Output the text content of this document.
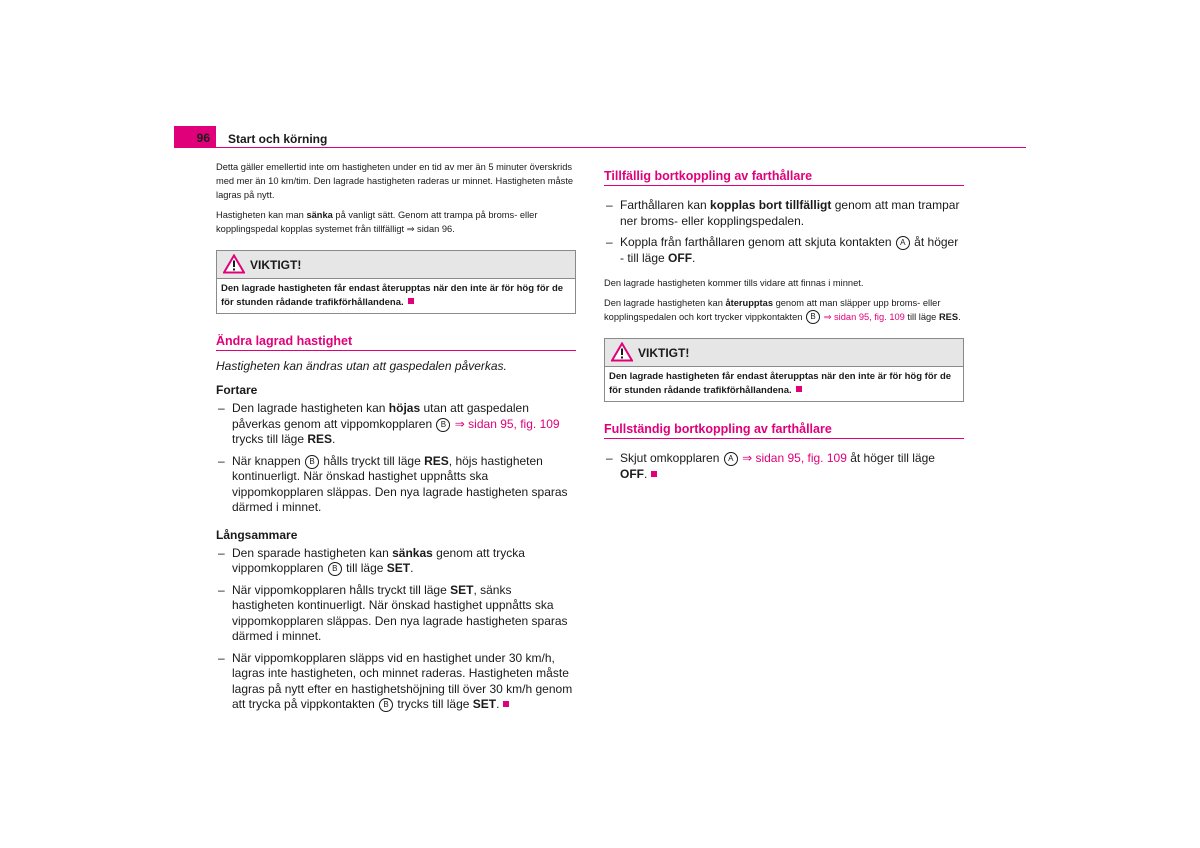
96 Start och körning

Detta gäller emellertid inte om hastigheten under en tid av mer än 5 minuter överskrids med mer än 10 km/tim. Den lagrade hastigheten raderas ur minnet. Hastigheten måste lagras på nytt.

Hastigheten kan man sänka på vanligt sätt. Genom att trampa på broms- eller kopplingspedal kopplas systemet från tillfälligt ⇒ sidan 96.

VIKTIGT!
Den lagrade hastigheten får endast återupptas när den inte är för hög för de för stunden rådande trafikförhållandena.
Ändra lagrad hastighet
Hastigheten kan ändras utan att gaspedalen påverkas.
Fortare
– Den lagrade hastigheten kan höjas utan att gaspedalen påverkas genom att vippomkopplaren B ⇒ sidan 95, fig. 109 trycks till läge RES.
– När knappen B hålls tryckt till läge RES, höjs hastigheten kontinuerligt. När önskad hastighet uppnåtts ska vippomkopplaren släppas. Den nya lagrade hastigheten sparas därmed i minnet.
Långsammare
– Den sparade hastigheten kan sänkas genom att trycka vippomkopplaren B till läge SET.
– När vippomkopplaren hålls tryckt till läge SET, sänks hastigheten kontinuerligt. När önskad hastighet uppnåtts ska vippomkopplaren släppas. Den nya lagrade hastigheten sparas därmed i minnet.
– När vippomkopplaren släpps vid en hastighet under 30 km/h, lagras inte hastigheten, och minnet raderas. Hastigheten måste lagras på nytt efter en hastighetshöjning till över 30 km/h genom att trycka på vippkontakten B trycks till läge SET.
Tillfällig bortkoppling av farthållare
– Farthållaren kan kopplas bort tillfälligt genom att man trampar ner broms- eller kopplingspedalen.
– Koppla från farthållaren genom att skjuta kontakten A åt höger - till läge OFF.

Den lagrade hastigheten kommer tills vidare att finnas i minnet.

Den lagrade hastigheten kan återupptas genom att man släpper upp broms- eller kopplingspedalen och kort trycker vippkontakten B ⇒ sidan 95, fig. 109 till läge RES.

VIKTIGT!
Den lagrade hastigheten får endast återupptas när den inte är för hög för de för stunden rådande trafikförhållandena.
Fullständig bortkoppling av farthållare
– Skjut omkopplaren A ⇒ sidan 95, fig. 109 åt höger till läge OFF.
